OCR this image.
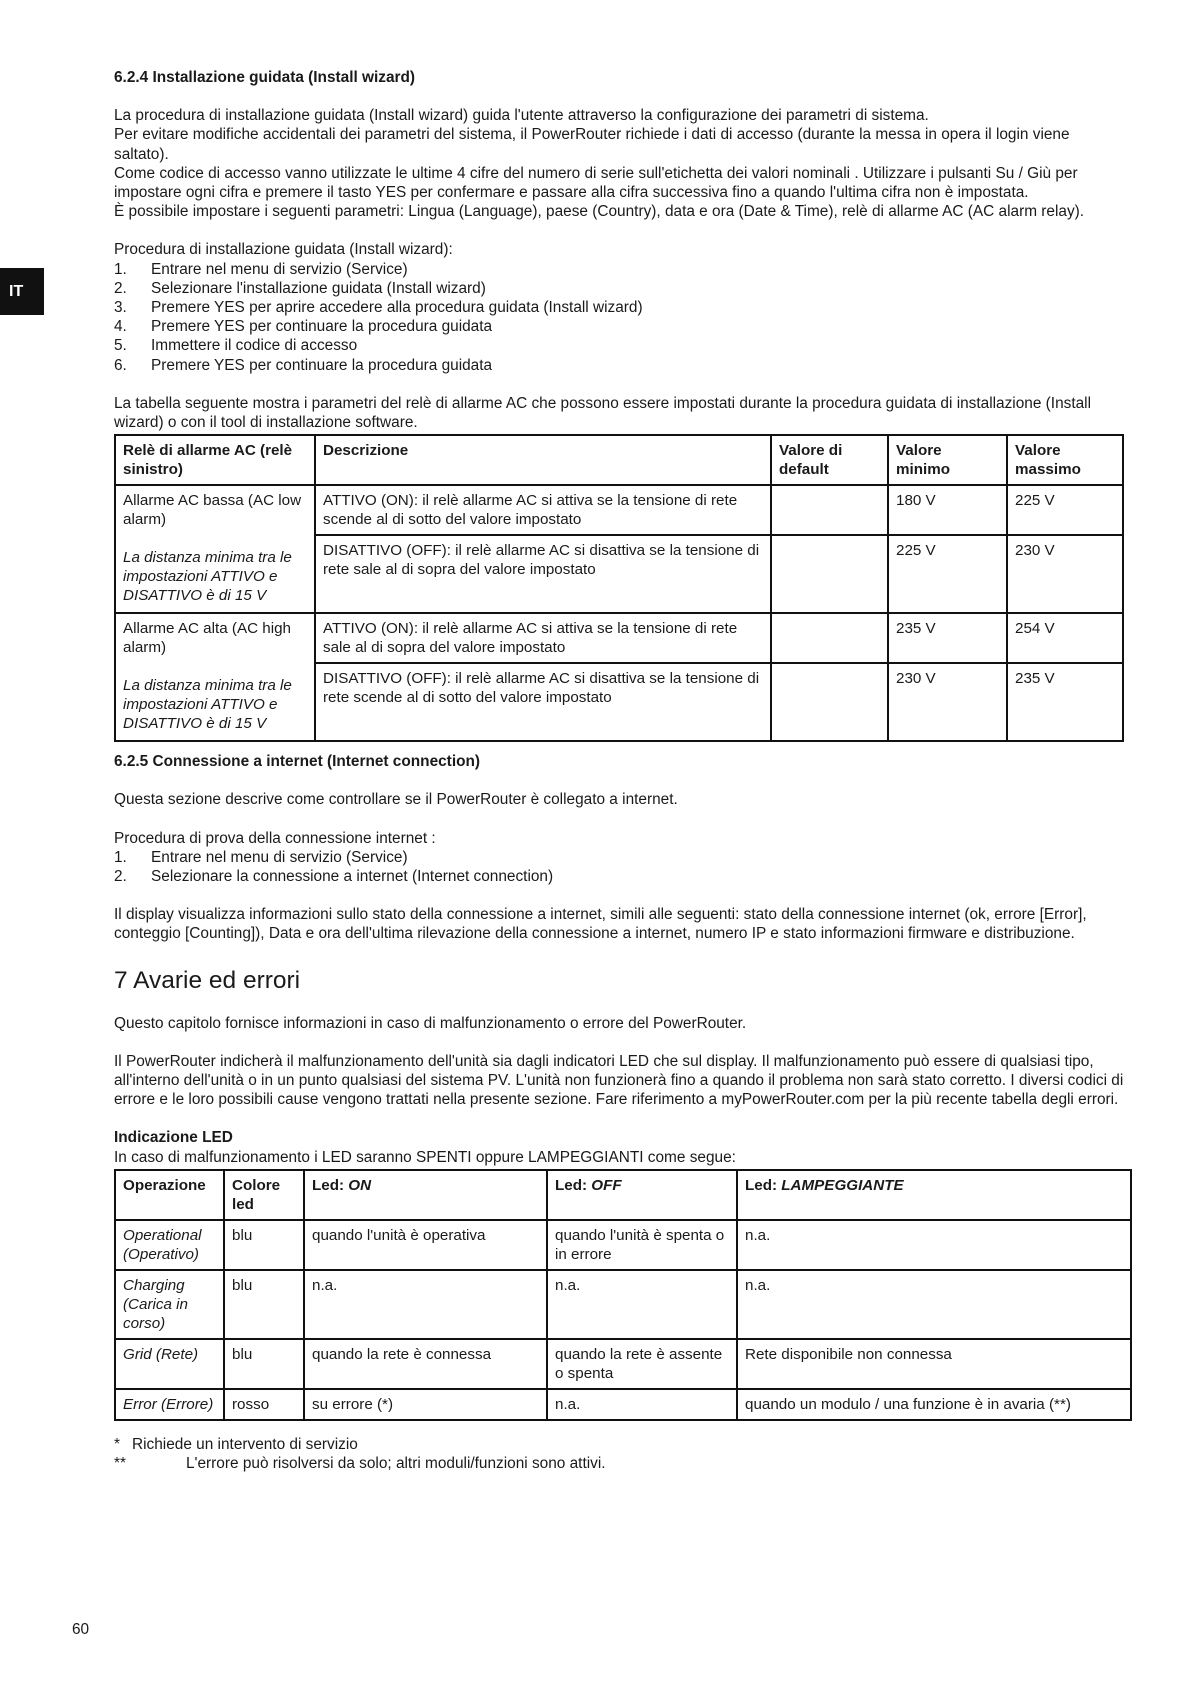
IT

6.2.4 Installazione guidata (Install wizard)

La procedura di installazione guidata (Install wizard) guida l'utente attraverso la configurazione dei parametri di sistema.

Per evitare modifiche accidentali dei parametri del sistema, il PowerRouter richiede i dati di accesso (durante la messa in opera il login viene saltato).

Come codice di accesso vanno utilizzate le ultime 4 cifre del numero di serie sull'etichetta dei valori nominali . Utilizzare i pulsanti Su / Giù per impostare ogni cifra e premere il tasto YES per confermare e passare alla cifra successiva fino a quando l'ultima cifra non è impostata.

È possibile impostare i seguenti parametri: Lingua (Language), paese (Country), data e ora (Date & Time), relè di allarme AC (AC alarm relay).

Procedura di installazione guidata (Install wizard):

1.	Entrare nel menu di servizio (Service)
2.	Selezionare l'installazione guidata (Install wizard)
3.	Premere YES per aprire accedere alla procedura guidata (Install wizard)
4.	Premere YES per continuare la procedura guidata
5.	Immettere il codice di accesso
6.	Premere YES per continuare la procedura guidata

La tabella seguente mostra i parametri del relè di allarme AC che possono essere impostati durante la procedura guidata di installazione (Install wizard) o con il tool di installazione software.

Relè di allarme AC (relè sinistro)	Descrizione	Valore di default	Valore minimo	Valore massimo

Allarme AC bassa (AC low alarm)
La distanza minima tra le impostazioni ATTIVO e DISATTIVO è di 15 V	ATTIVO (ON): il relè allarme AC si attiva se la tensione di rete scende al di sotto del valore impostato		180 V	225 V
	DISATTIVO (OFF): il relè allarme AC si disattiva se la tensione di rete sale al di sopra del valore impostato		225 V	230 V

Allarme AC alta (AC high alarm)
La distanza minima tra le impostazioni ATTIVO e DISATTIVO è di 15 V	ATTIVO (ON): il relè allarme AC si attiva se la tensione di rete sale al di sopra del valore impostato		235 V	254 V
	DISATTIVO (OFF): il relè allarme AC si disattiva se la tensione di rete scende al di sotto del valore impostato		230 V	235 V

6.2.5 Connessione a internet (Internet connection)

Questa sezione descrive come controllare se il PowerRouter è collegato a internet.

Procedura di prova della connessione internet :

1.	Entrare nel menu di servizio (Service)
2.	Selezionare la connessione a internet (Internet connection)

Il display visualizza informazioni sullo stato della connessione a internet, simili alle seguenti: stato della connessione internet (ok, errore [Error], conteggio [Counting]), Data e ora dell'ultima rilevazione della connessione a internet, numero IP e stato informazioni firmware e distribuzione.

7 Avarie ed errori

Questo capitolo fornisce informazioni in caso di malfunzionamento o errore del PowerRouter.

Il PowerRouter indicherà il malfunzionamento dell'unità sia dagli indicatori LED che sul display. Il malfunzionamento può essere di qualsiasi tipo, all'interno dell'unità o in un punto qualsiasi del sistema PV. L'unità non funzionerà fino a quando il problema non sarà stato corretto. I diversi codici di errore e le loro possibili cause vengono trattati nella presente sezione. Fare riferimento a myPowerRouter.com per la più recente tabella degli errori.

Indicazione LED

In caso di malfunzionamento i LED saranno SPENTI oppure LAMPEGGIANTI come segue:

Operazione	Colore led	Led: ON	Led: OFF	Led: LAMPEGGIANTE
Operational (Operativo)	blu	quando l'unità è operativa	quando l'unità è spenta o in errore	n.a.
Charging (Carica in corso)	blu	n.a.	n.a.	n.a.
Grid (Rete)	blu	quando la rete è connessa	quando la rete è assente o spenta	Rete disponibile non connessa
Error (Errore)	rosso	su errore (*)	n.a.	quando un modulo / una funzione è in avaria (**)
* Richiede un intervento di servizio
**	L'errore può risolversi da solo; altri moduli/funzioni sono attivi.
60
